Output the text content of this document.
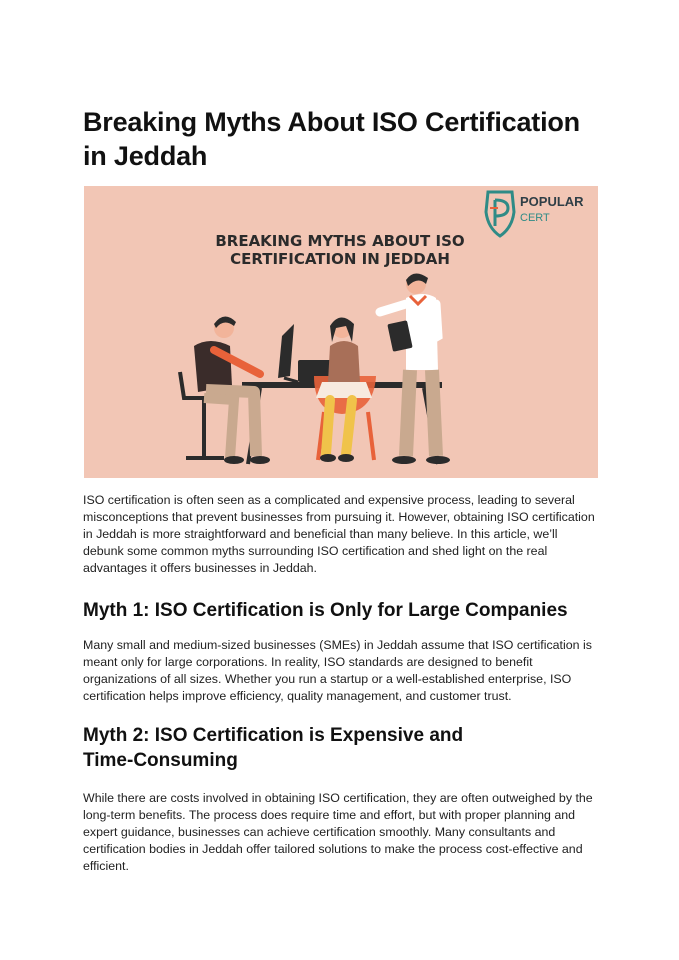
Breaking Myths About ISO Certification in Jeddah
POPULAR
CERT
BREAKING MYTHS ABOUT ISO
CERTIFICATION IN JEDDAH

ISO certification is often seen as a complicated and expensive process, leading to several misconceptions that prevent businesses from pursuing it. However, obtaining ISO certification in Jeddah is more straightforward and beneficial than many believe. In this article, we’ll debunk some common myths surrounding ISO certification and shed light on the real advantages it offers businesses in Jeddah.

Myth 1: ISO Certification is Only for Large Companies

Many small and medium-sized businesses (SMEs) in Jeddah assume that ISO certification is meant only for large corporations. In reality, ISO standards are designed to benefit organizations of all sizes. Whether you run a startup or a well-established enterprise, ISO certification helps improve efficiency, quality management, and customer trust.

Myth 2: ISO Certification is Expensive and Time-Consuming

While there are costs involved in obtaining ISO certification, they are often outweighed by the long-term benefits. The process does require time and effort, but with proper planning and expert guidance, businesses can achieve certification smoothly. Many consultants and certification bodies in Jeddah offer tailored solutions to make the process cost-effective and efficient.
